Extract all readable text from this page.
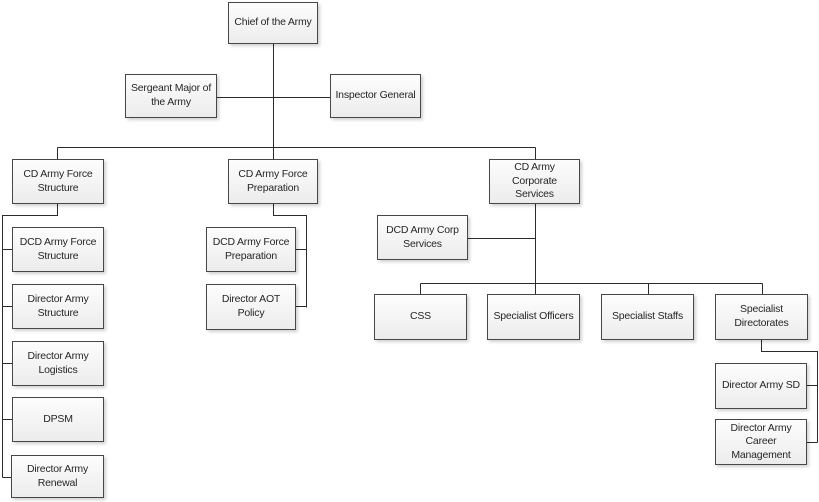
Chief of the Army
Sergeant Major of the Army
Inspector General
CD Army Force Structure
CD Army Force Preparation
CD Army Corporate Services
DCD Army Force Structure
Director Army Structure
Director Army Logistics
DPSM
Director Army Renewal
DCD Army Force Preparation
Director AOT Policy
DCD Army Corp Services
CSS	Specialist Officers	Specialist Staffs
Specialist Directorates
Director Army SD
Director Army Career Management
